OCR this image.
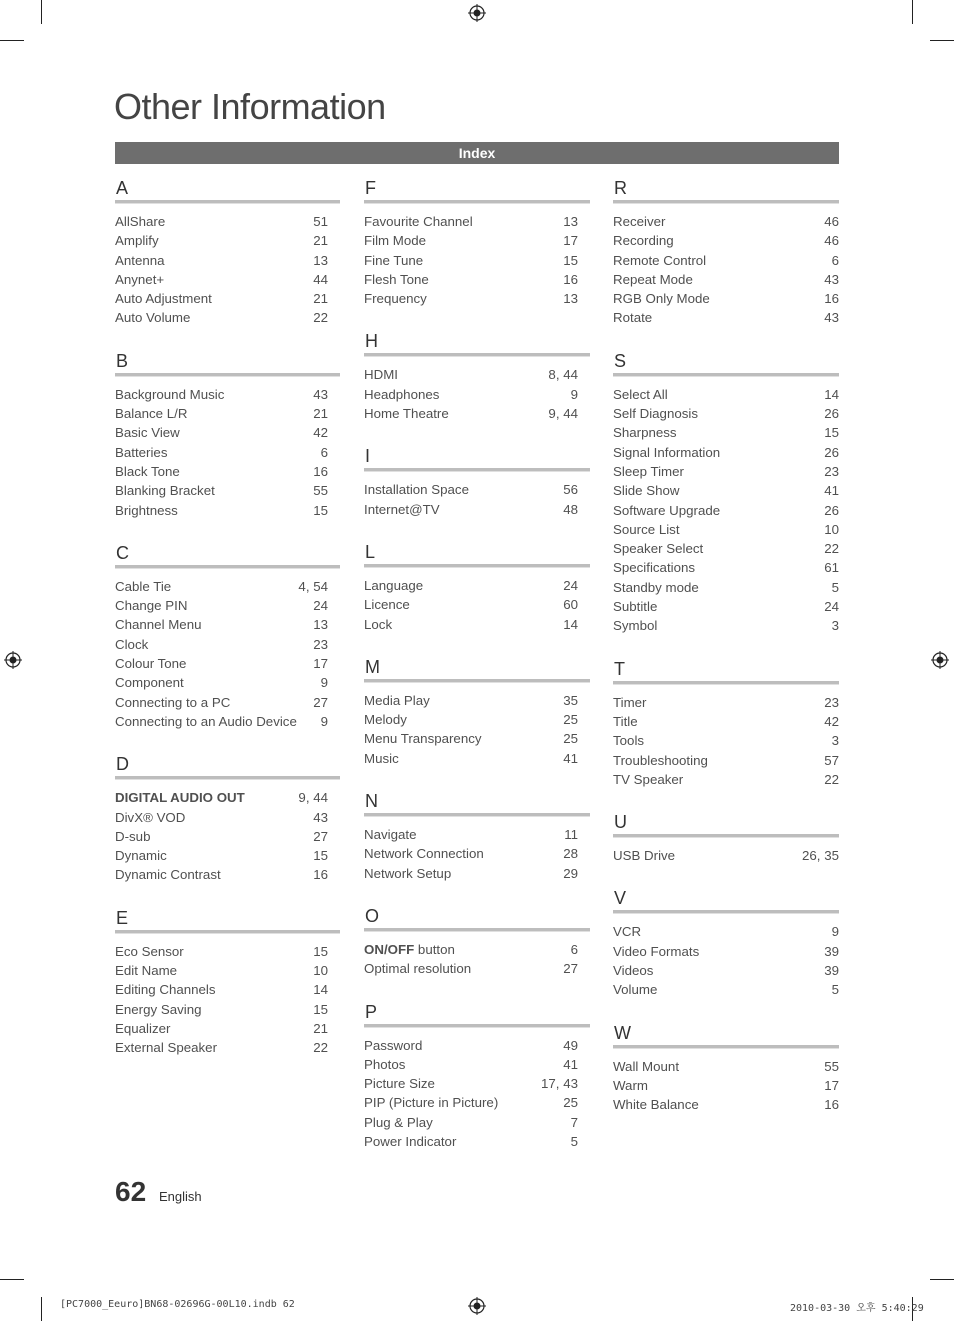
Other Information
Index
A
AllShare	51
Amplify	21
Antenna	13
Anynet+	44
Auto Adjustment	21
Auto Volume	22
B
Background Music	43
Balance L/R	21
Basic View	42
Batteries	6
Black Tone	16
Blanking Bracket	55
Brightness	15
C
Cable Tie	4, 54
Change PIN	24
Channel Menu	13
Clock	23
Colour Tone	17
Component	9
Connecting to a PC	27
Connecting to an Audio Device 9
D
DIGITAL AUDIO OUT	9, 44
DivX® VOD	43
D-sub	27
Dynamic	15
Dynamic Contrast	16
E
Eco Sensor	15
Edit Name	10
Editing Channels	14
Energy Saving	15
Equalizer	21
External Speaker	22
F
Favourite Channel	13
Film Mode	17
Fine Tune	15
Flesh Tone	16
Frequency	13
H
HDMI	8, 44
Headphones	9
Home Theatre	9, 44
I
Installation Space	56
Internet@TV	48
L
Language	24
Licence	60
Lock	14
M
Media Play	35
Melody	25
Menu Transparency	25
Music	41
N
Navigate	11
Network Connection	28
Network Setup	29
O
ON/OFF button	6
Optimal resolution	27
P
Password	49
Photos	41
Picture Size	17, 43
PIP (Picture in Picture)	25
Plug & Play	7
Power Indicator	5
R
Receiver	46
Recording	46
Remote Control	6
Repeat Mode	43
RGB Only Mode	16
Rotate	43
S
Select All	14
Self Diagnosis	26
Sharpness	15
Signal Information	26
Sleep Timer	23
Slide Show	41
Software Upgrade	26
Source List	10
Speaker Select	22
Specifications	61
Standby mode	5
Subtitle	24
Symbol	3
T
Timer	23
Title	42
Tools	3
Troubleshooting	57
TV Speaker	22
U
USB Drive	26, 35
V
VCR	9
Video Formats	39
Videos	39
Volume	5
W
Wall Mount	55
Warm	17
White Balance	16
62 English
[PC7000_Eeuro]BN68-02696G-00L10.indb 62	2010-03-30 오후 5:40:29
